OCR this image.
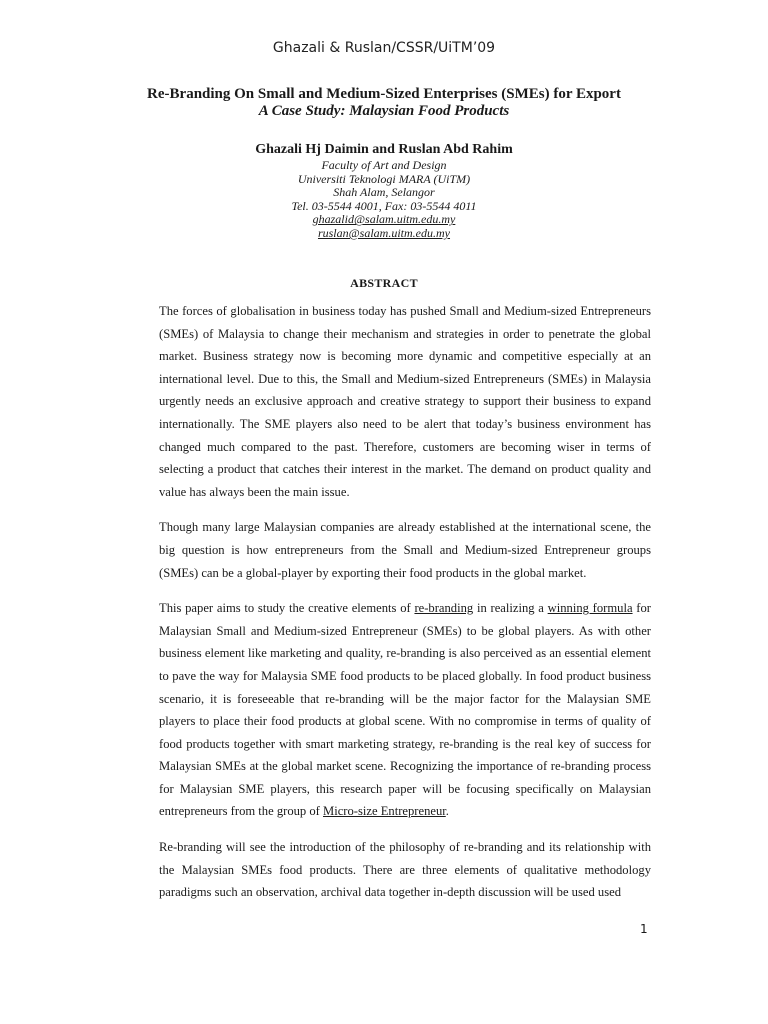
Ghazali & Ruslan/CSSR/UiTM’09

Re-Branding On Small and Medium-Sized Enterprises (SMEs) for Export

A Case Study: Malaysian Food Products

Ghazali Hj Daimin and Ruslan Abd Rahim

Faculty of Art and Design

Universiti Teknologi MARA (UiTM)

Shah Alam, Selangor

Tel. 03-5544 4001, Fax: 03-5544 4011

ghazalid@salam.uitm.edu.my

ruslan@salam.uitm.edu.my

ABSTRACT

The forces of globalisation in business today has pushed Small and Medium-sized Entrepreneurs (SMEs) of Malaysia to change their mechanism and strategies in order to penetrate the global market. Business strategy now is becoming more dynamic and competitive especially at an international level. Due to this, the Small and Medium-sized Entrepreneurs (SMEs) in Malaysia urgently needs an exclusive approach and creative strategy to support their business to expand internationally. The SME players also need to be alert that today’s business environment has changed much compared to the past. Therefore, customers are becoming wiser in terms of selecting a product that catches their interest in the market. The demand on product quality and value has always been the main issue.

Though many large Malaysian companies are already established at the international scene, the big question is how entrepreneurs from the Small and Medium-sized Entrepreneur groups (SMEs) can be a global-player by exporting their food products in the global market.

This paper aims to study the creative elements of re-branding in realizing a winning formula for Malaysian Small and Medium-sized Entrepreneur (SMEs) to be global players. As with other business element like marketing and quality, re-branding is also perceived as an essential element to pave the way for Malaysia SME food products to be placed globally. In food product business scenario, it is foreseeable that re-branding will be the major factor for the Malaysian SME players to place their food products at global scene. With no compromise in terms of quality of food products together with smart marketing strategy, re-branding is the real key of success for Malaysian SMEs at the global market scene. Recognizing the importance of re-branding process for Malaysian SME players, this research paper will be focusing specifically on Malaysian entrepreneurs from the group of Micro-size Entrepreneur.

Re-branding will see the introduction of the philosophy of re-branding and its relationship with the Malaysian SMEs food products. There are three elements of qualitative methodology paradigms such an observation, archival data together in-depth discussion will be used used

1
